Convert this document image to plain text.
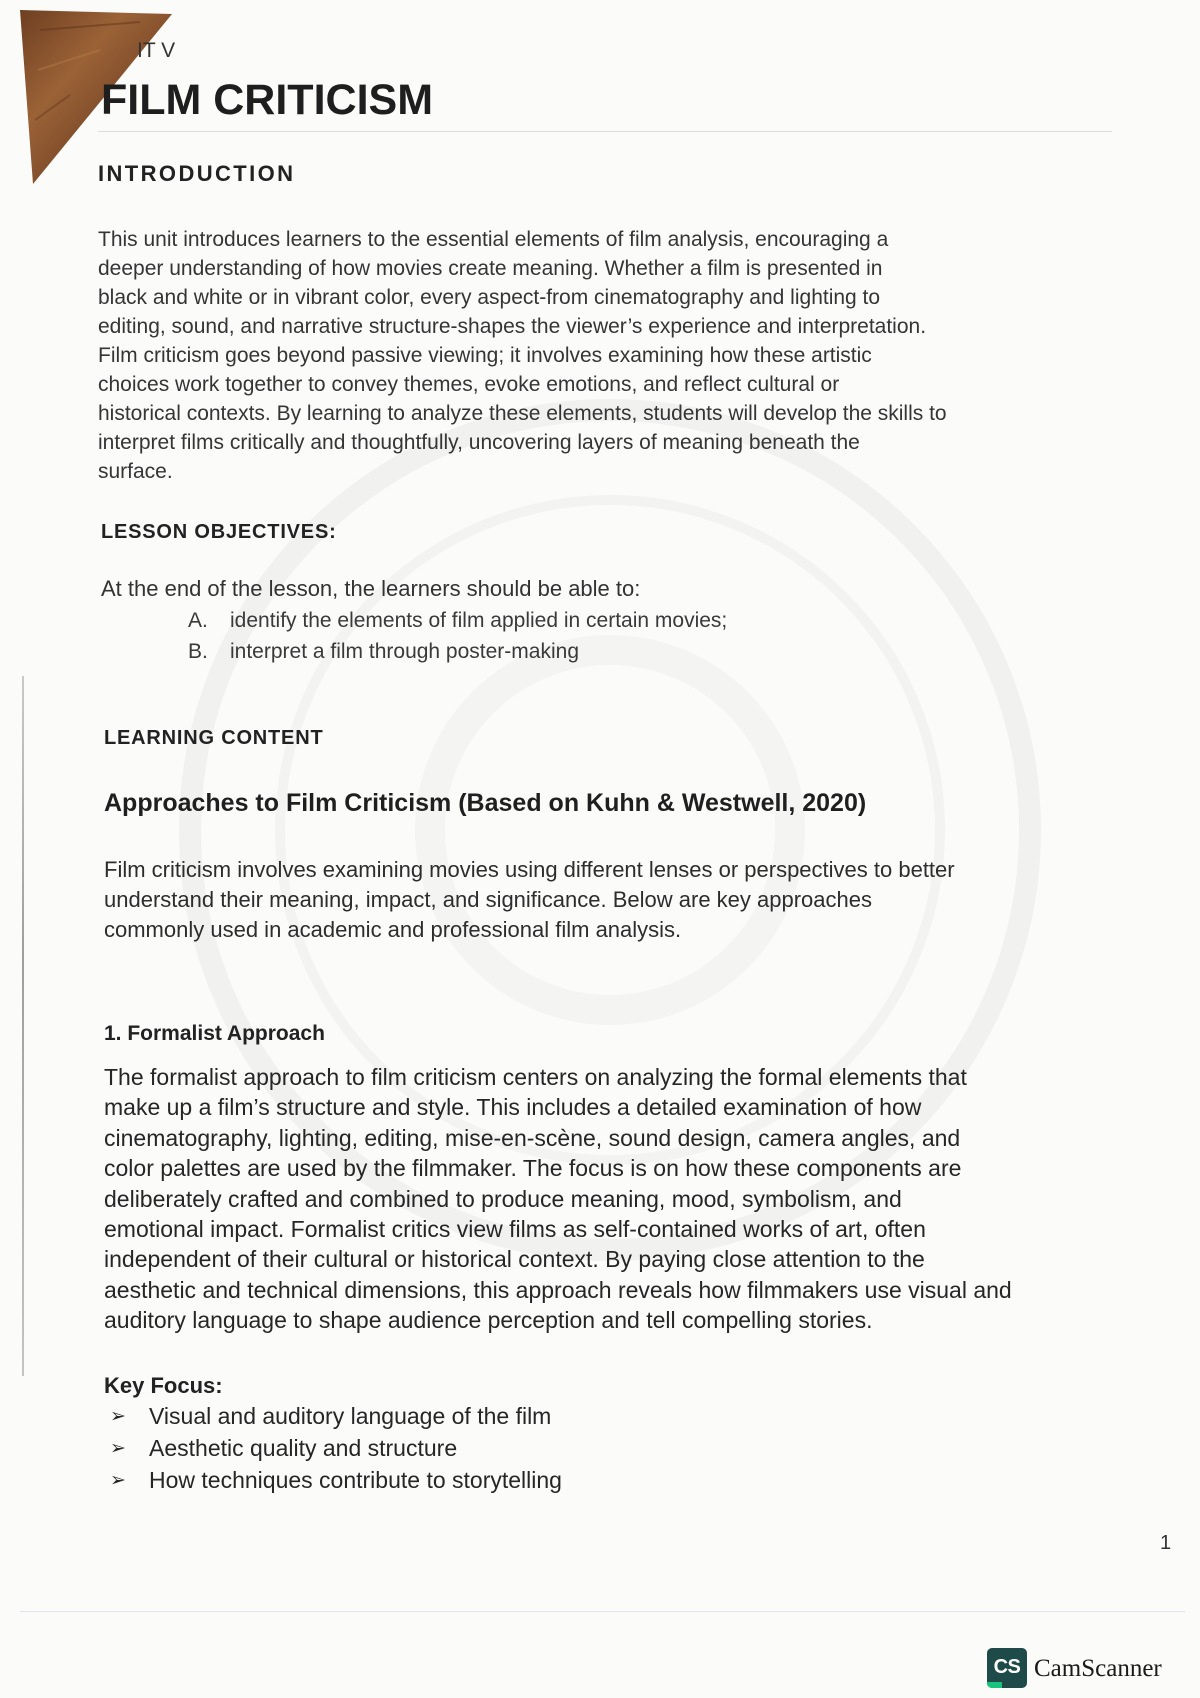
IT V
FILM CRITICISM
INTRODUCTION
This unit introduces learners to the essential elements of film analysis, encouraging a
deeper understanding of how movies create meaning. Whether a film is presented in
black and white or in vibrant color, every aspect-from cinematography and lighting to
editing, sound, and narrative structure-shapes the viewer’s experience and interpretation.
Film criticism goes beyond passive viewing; it involves examining how these artistic
choices work together to convey themes, evoke emotions, and reflect cultural or
historical contexts. By learning to analyze these elements, students will develop the skills to
interpret films critically and thoughtfully, uncovering layers of meaning beneath the
surface.
LESSON OBJECTIVES:
At the end of the lesson, the learners should be able to:
A. identify the elements of film applied in certain movies;
B. interpret a film through poster-making
LEARNING CONTENT
Approaches to Film Criticism (Based on Kuhn & Westwell, 2020)
Film criticism involves examining movies using different lenses or perspectives to better
understand their meaning, impact, and significance. Below are key approaches
commonly used in academic and professional film analysis.
1. Formalist Approach
The formalist approach to film criticism centers on analyzing the formal elements that
make up a film’s structure and style. This includes a detailed examination of how
cinematography, lighting, editing, mise-en-scène, sound design, camera angles, and
color palettes are used by the filmmaker. The focus is on how these components are
deliberately crafted and combined to produce meaning, mood, symbolism, and
emotional impact. Formalist critics view films as self-contained works of art, often
independent of their cultural or historical context. By paying close attention to the
aesthetic and technical dimensions, this approach reveals how filmmakers use visual and
auditory language to shape audience perception and tell compelling stories.
Key Focus:
➢ Visual and auditory language of the film
➢ Aesthetic quality and structure
➢ How techniques contribute to storytelling
1
CS CamScanner
